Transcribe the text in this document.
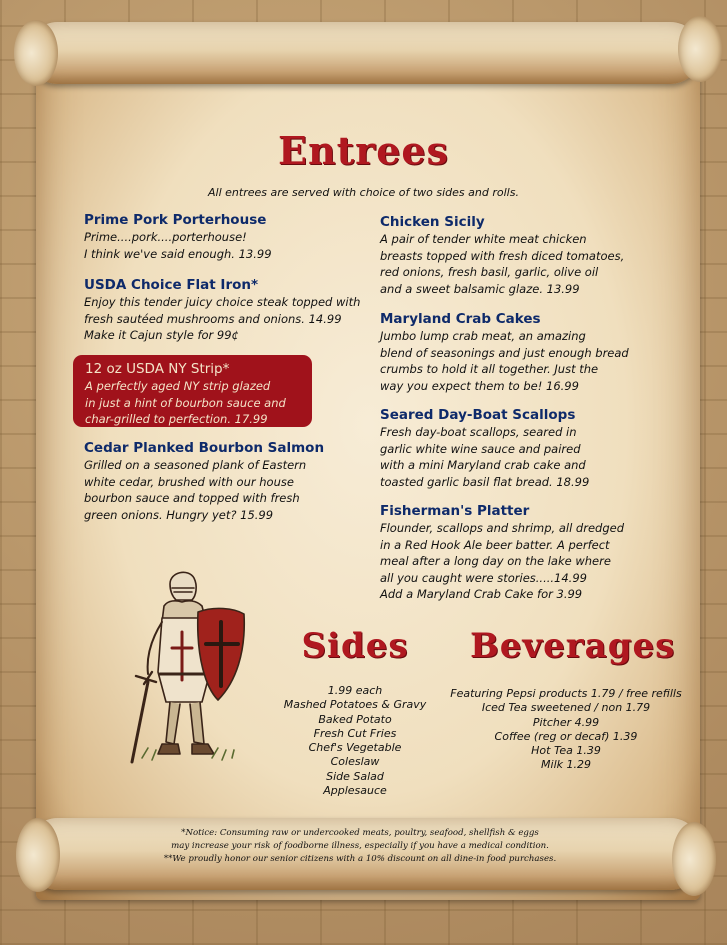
Entrees
All entrees are served with choice of two sides and rolls.

Prime Pork Porterhouse

Prime....pork....porterhouse!
I think we've said enough. 13.99

USDA Choice Flat Iron*

Enjoy this tender juicy choice steak topped with
fresh sautéed mushrooms and onions. 14.99
Make it Cajun style for 99¢

12 oz USDA NY Strip*

A perfectly aged NY strip glazed
in just a hint of bourbon sauce and
char-grilled to perfection. 17.99

Cedar Planked Bourbon Salmon

Grilled on a seasoned plank of Eastern
white cedar, brushed with our house
bourbon sauce and topped with fresh
green onions. Hungry yet? 15.99

Chicken Sicily

A pair of tender white meat chicken
breasts topped with fresh diced tomatoes,
red onions, fresh basil, garlic, olive oil
and a sweet balsamic glaze. 13.99

Maryland Crab Cakes

Jumbo lump crab meat, an amazing
blend of seasonings and just enough bread
crumbs to hold it all together. Just the
way you expect them to be! 16.99

Seared Day-Boat Scallops

Fresh day-boat scallops, seared in
garlic white wine sauce and paired
with a mini Maryland crab cake and
toasted garlic basil flat bread. 18.99

Fisherman's Platter

Flounder, scallops and shrimp, all dredged
in a Red Hook Ale beer batter. A perfect
meal after a long day on the lake where
all you caught were stories.....14.99
Add a Maryland Crab Cake for 3.99

Sides
1.99 each
Mashed Potatoes & Gravy
Baked Potato
Fresh Cut Fries
Chef's Vegetable
Coleslaw
Side Salad
Applesauce
Beverages
Featuring Pepsi products 1.79 / free refills
Iced Tea sweetened / non 1.79
Pitcher 4.99
Coffee (reg or decaf) 1.39
Hot Tea 1.39
Milk 1.29
*Notice: Consuming raw or undercooked meats, poultry, seafood, shellfish & eggs
may increase your risk of foodborne illness, especially if you have a medical condition.
**We proudly honor our senior citizens with a 10% discount on all dine-in food purchases.
